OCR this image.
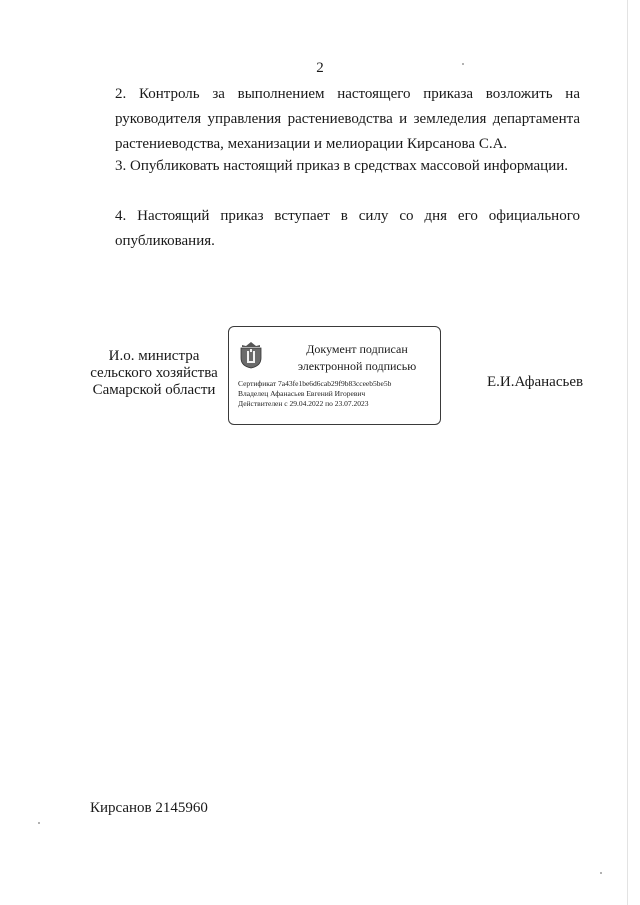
2
2. Контроль за выполнением настоящего приказа возложить на руководителя управления растениеводства и земледелия департамента растениеводства, механизации и мелиорации Кирсанова С.А.
3. Опубликовать настоящий приказ в средствах массовой информации.
4. Настоящий приказ вступает в силу со дня его официального опубликования.
И.о. министра
сельского хозяйства
Самарской области
Документ подписан
электронной подписью
Сертификат 7a43fe1be6d6cab29f9b83cceeb5be5b
Владелец Афанасьев Евгений Игоревич
Действителен с 29.04.2022 по 23.07.2023
Е.И.Афанасьев
Кирсанов 2145960
